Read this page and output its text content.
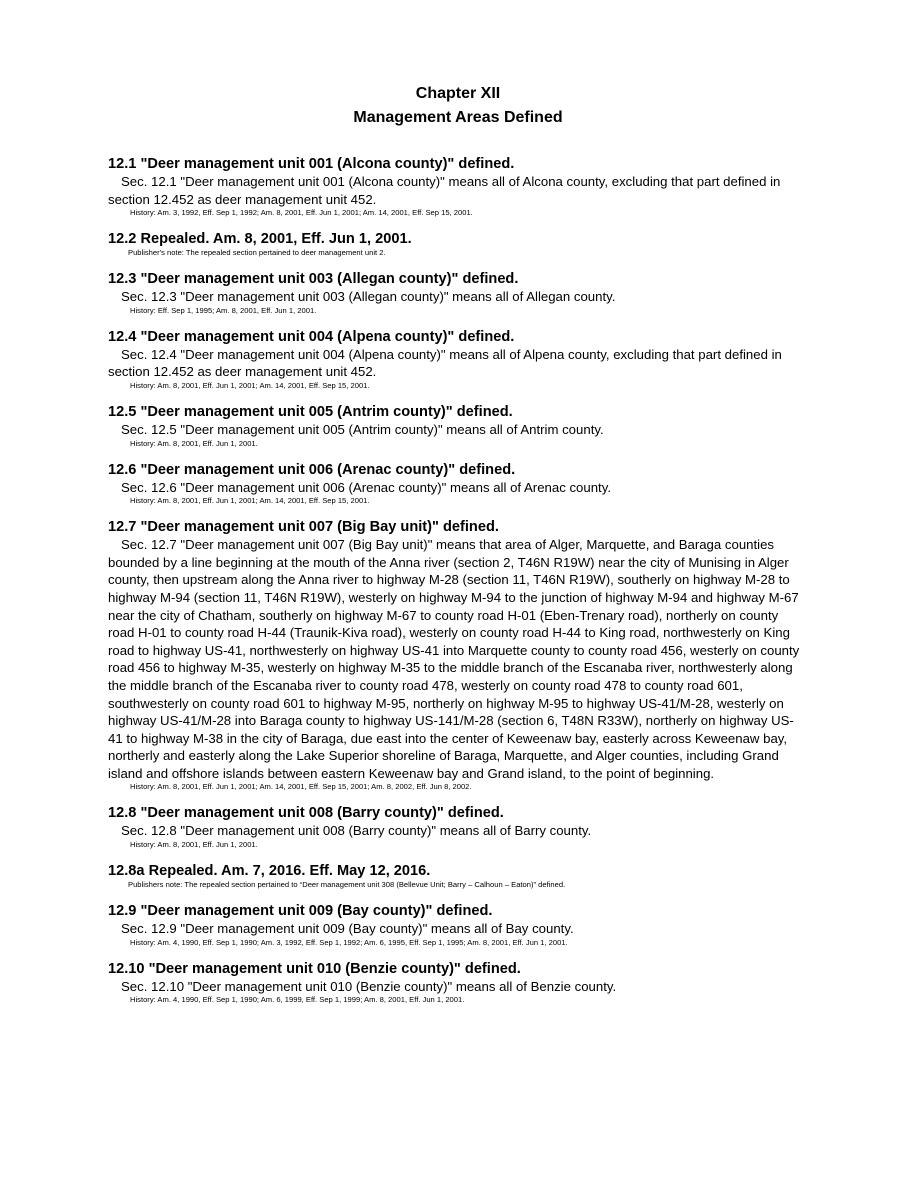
Chapter XII
Management Areas Defined

12.1 "Deer management unit 001 (Alcona county)" defined.

Sec. 12.1 "Deer management unit 001 (Alcona county)" means all of Alcona county, excluding that part defined in section 12.452 as deer management unit 452.

History: Am. 3, 1992, Eff. Sep 1, 1992; Am. 8, 2001, Eff. Jun 1, 2001; Am. 14, 2001, Eff. Sep 15, 2001.

12.2 Repealed. Am. 8, 2001, Eff. Jun 1, 2001.

Publisher's note: The repealed section pertained to deer management unit 2.

12.3 "Deer management unit 003 (Allegan county)" defined.

Sec. 12.3 "Deer management unit 003 (Allegan county)" means all of Allegan county.

History: Eff. Sep 1, 1995; Am. 8, 2001, Eff. Jun 1, 2001.

12.4 "Deer management unit 004 (Alpena county)" defined.

Sec. 12.4 "Deer management unit 004 (Alpena county)" means all of Alpena county, excluding that part defined in section 12.452 as deer management unit 452.

History: Am. 8, 2001, Eff. Jun 1, 2001; Am. 14, 2001, Eff. Sep 15, 2001.

12.5 "Deer management unit 005 (Antrim county)" defined.

Sec. 12.5 "Deer management unit 005 (Antrim county)" means all of Antrim county.

History: Am. 8, 2001, Eff. Jun 1, 2001.

12.6 "Deer management unit 006 (Arenac county)" defined.

Sec. 12.6 "Deer management unit 006 (Arenac county)" means all of Arenac county.

History: Am. 8, 2001, Eff. Jun 1, 2001; Am. 14, 2001, Eff. Sep 15, 2001.

12.7 "Deer management unit 007 (Big Bay unit)" defined.

Sec. 12.7 "Deer management unit 007 (Big Bay unit)" means that area of Alger, Marquette, and Baraga counties bounded by a line beginning at the mouth of the Anna river (section 2, T46N R19W) near the city of Munising in Alger county, then upstream along the Anna river to highway M-28 (section 11, T46N R19W), southerly on highway M-28 to highway M-94 (section 11, T46N R19W), westerly on highway M-94 to the junction of highway M-94 and highway M-67 near the city of Chatham, southerly on highway M-67 to county road H-01 (Eben-Trenary road), northerly on county road H-01 to county road H-44 (Traunik-Kiva road), westerly on county road H-44 to King road, northwesterly on King road to highway US-41, northwesterly on highway US-41 into Marquette county to county road 456, westerly on county road 456 to highway M-35, westerly on highway M-35 to the middle branch of the Escanaba river, northwesterly along the middle branch of the Escanaba river to county road 478, westerly on county road 478 to county road 601, southwesterly on county road 601 to highway M-95, northerly on highway M-95 to highway US-41/M-28, westerly on highway US-41/M-28 into Baraga county to highway US-141/M-28 (section 6, T48N R33W), northerly on highway US-41 to highway M-38 in the city of Baraga, due east into the center of Keweenaw bay, easterly across Keweenaw bay, northerly and easterly along the Lake Superior shoreline of Baraga, Marquette, and Alger counties, including Grand island and offshore islands between eastern Keweenaw bay and Grand island, to the point of beginning.

History: Am. 8, 2001, Eff. Jun 1, 2001; Am. 14, 2001, Eff. Sep 15, 2001; Am. 8, 2002, Eff. Jun 8, 2002.

12.8 "Deer management unit 008 (Barry county)" defined.

Sec. 12.8 "Deer management unit 008 (Barry county)" means all of Barry county.

History: Am. 8, 2001, Eff. Jun 1, 2001.

12.8a Repealed. Am. 7, 2016. Eff. May 12, 2016.

Publishers note: The repealed section pertained to “Deer management unit 308 (Bellevue Unit; Barry – Calhoun – Eaton)” defined.

12.9 "Deer management unit 009 (Bay county)" defined.

Sec. 12.9 "Deer management unit 009 (Bay county)" means all of Bay county.

History: Am. 4, 1990, Eff. Sep 1, 1990; Am. 3, 1992, Eff. Sep 1, 1992; Am. 6, 1995, Eff. Sep 1, 1995; Am. 8, 2001, Eff. Jun 1, 2001.

12.10 "Deer management unit 010 (Benzie county)" defined.

Sec. 12.10 "Deer management unit 010 (Benzie county)" means all of Benzie county.

History: Am. 4, 1990, Eff. Sep 1, 1990; Am. 6, 1999, Eff. Sep 1, 1999; Am. 8, 2001, Eff. Jun 1, 2001.
